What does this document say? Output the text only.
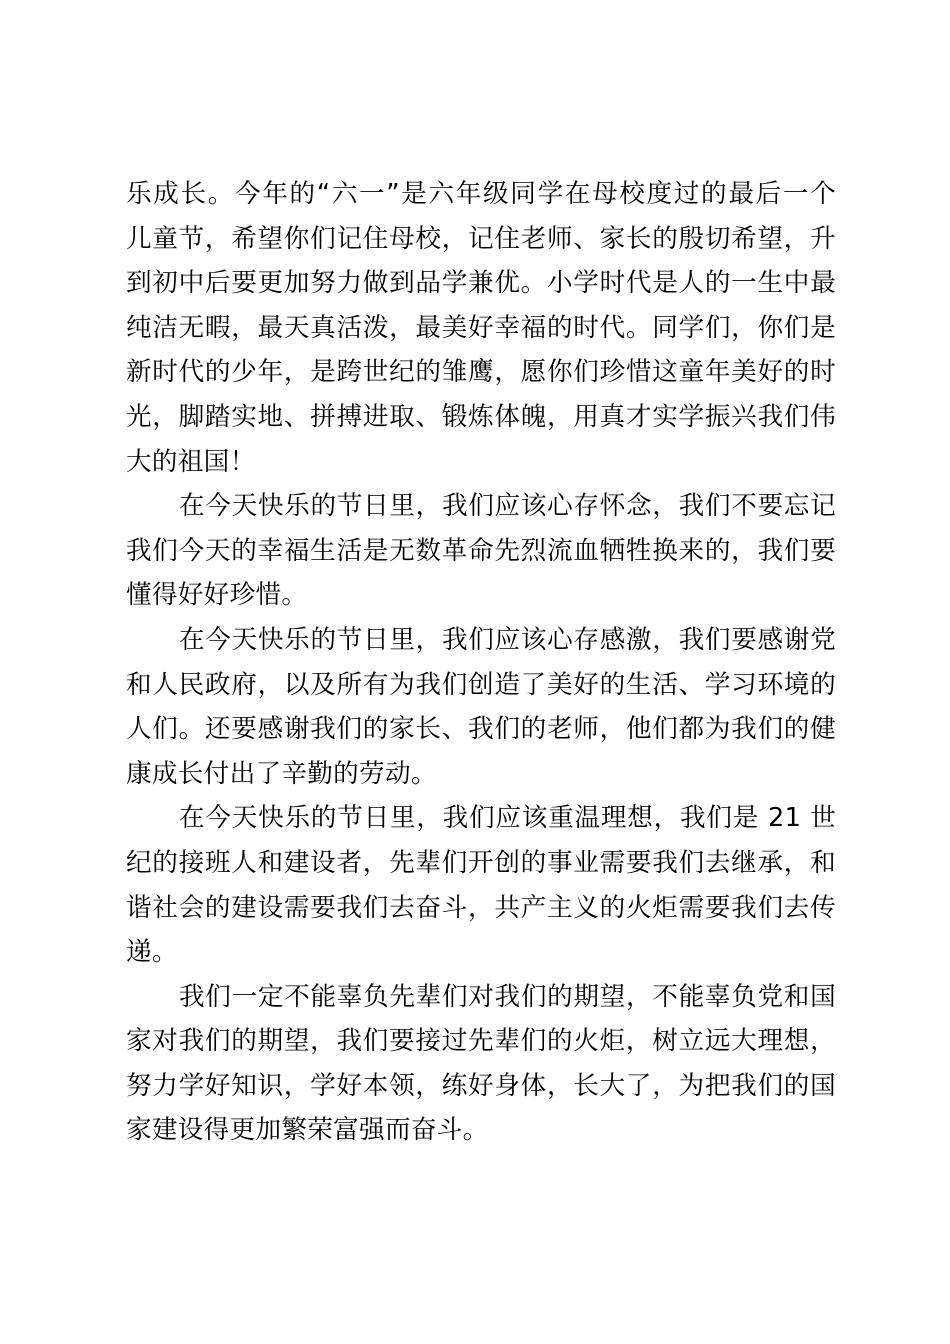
乐成长。今年的“六一”是六年级同学在母校度过的最后一个
儿童节，希望你们记住母校，记住老师、家长的殷切希望，升
到初中后要更加努力做到品学兼优。小学时代是人的一生中最
纯洁无暇，最天真活泼，最美好幸福的时代。同学们，你们是
新时代的少年，是跨世纪的雏鹰，愿你们珍惜这童年美好的时
光，脚踏实地、拼搏进取、锻炼体魄，用真才实学振兴我们伟
大的祖国！
在今天快乐的节日里，我们应该心存怀念，我们不要忘记
我们今天的幸福生活是无数革命先烈流血牺牲换来的，我们要
懂得好好珍惜。
在今天快乐的节日里，我们应该心存感激，我们要感谢党
和人民政府，以及所有为我们创造了美好的生活、学习环境的
人们。还要感谢我们的家长、我们的老师，他们都为我们的健
康成长付出了辛勤的劳动。
在今天快乐的节日里，我们应该重温理想，我们是 21 世
纪的接班人和建设者，先辈们开创的事业需要我们去继承，和
谐社会的建设需要我们去奋斗，共产主义的火炬需要我们去传
递。
我们一定不能辜负先辈们对我们的期望，不能辜负党和国
家对我们的期望，我们要接过先辈们的火炬，树立远大理想，
努力学好知识，学好本领，练好身体，长大了，为把我们的国
家建设得更加繁荣富强而奋斗。
